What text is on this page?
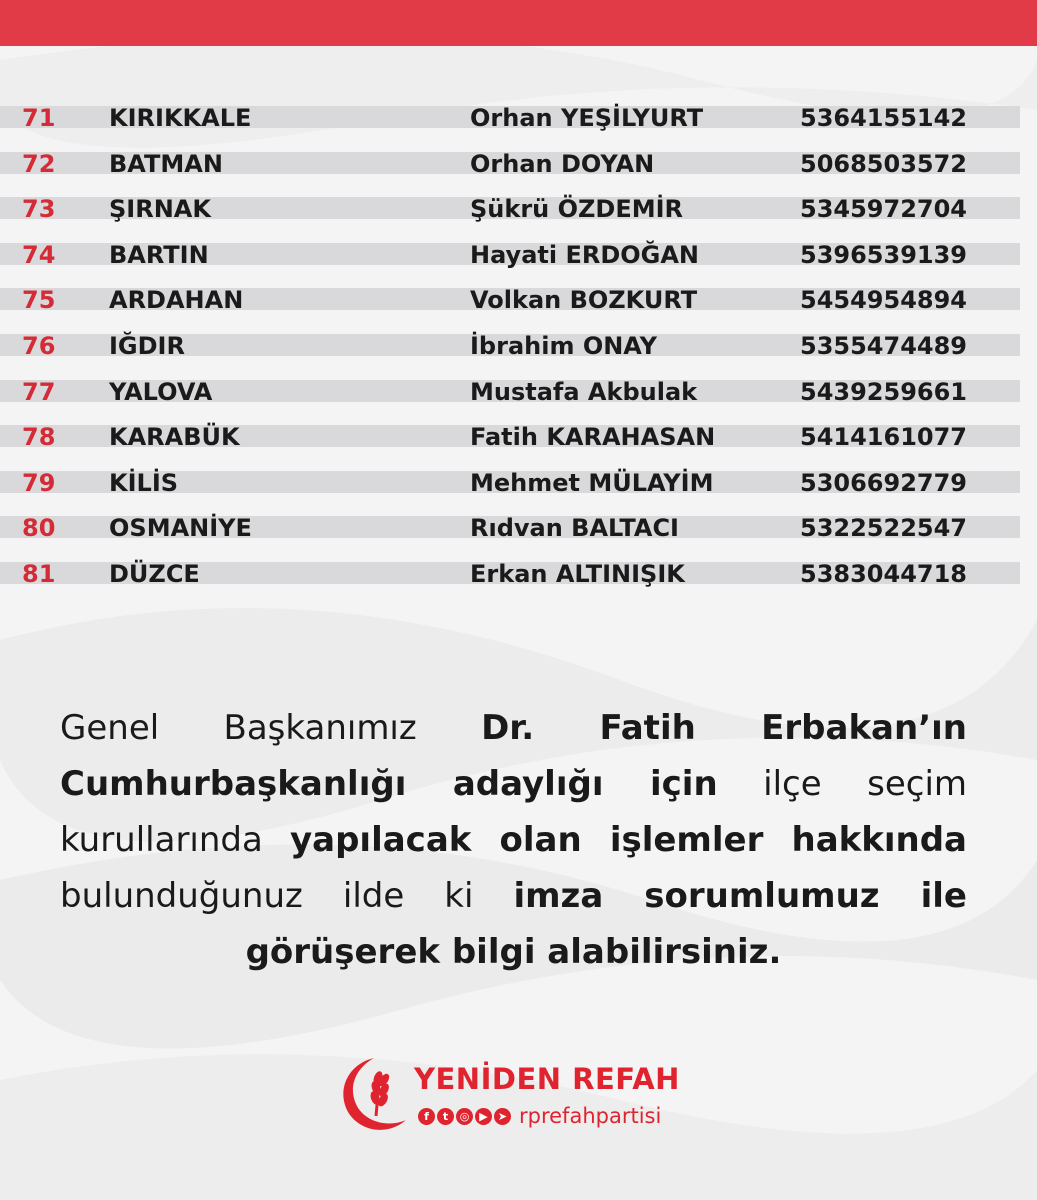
71 KIRIKKALE	Orhan YEŞİLYURT	5364155142
72 BATMAN	Orhan DOYAN	5068503572
73 ŞIRNAK	Şükrü ÖZDEMİR	5345972704
74 BARTIN	Hayati ERDOĞAN	5396539139
75 ARDAHAN	Volkan BOZKURT	5454954894
76 IĞDIR	İbrahim ONAY	5355474489
77 YALOVA	Mustafa Akbulak	5439259661
78 KARABÜK	Fatih KARAHASAN	5414161077
79 KİLİS	Mehmet MÜLAYİM	5306692779
80 OSMANİYE	Rıdvan BALTACI	5322522547
81 DÜZCE	Erkan ALTINIŞIK	5383044718
Genel Başkanımız Dr. Fatih Erbakan’ın Cumhurbaşkanlığı adaylığı için ilçe seçim kurullarında yapılacak olan işlemler hakkında bulunduğunuz ilde ki imza sorumlumuz ile görüşerek bilgi alabilirsiniz.
YENİDEN REFAH
f	t	◎ ▶ ➤ rprefahpartisi
